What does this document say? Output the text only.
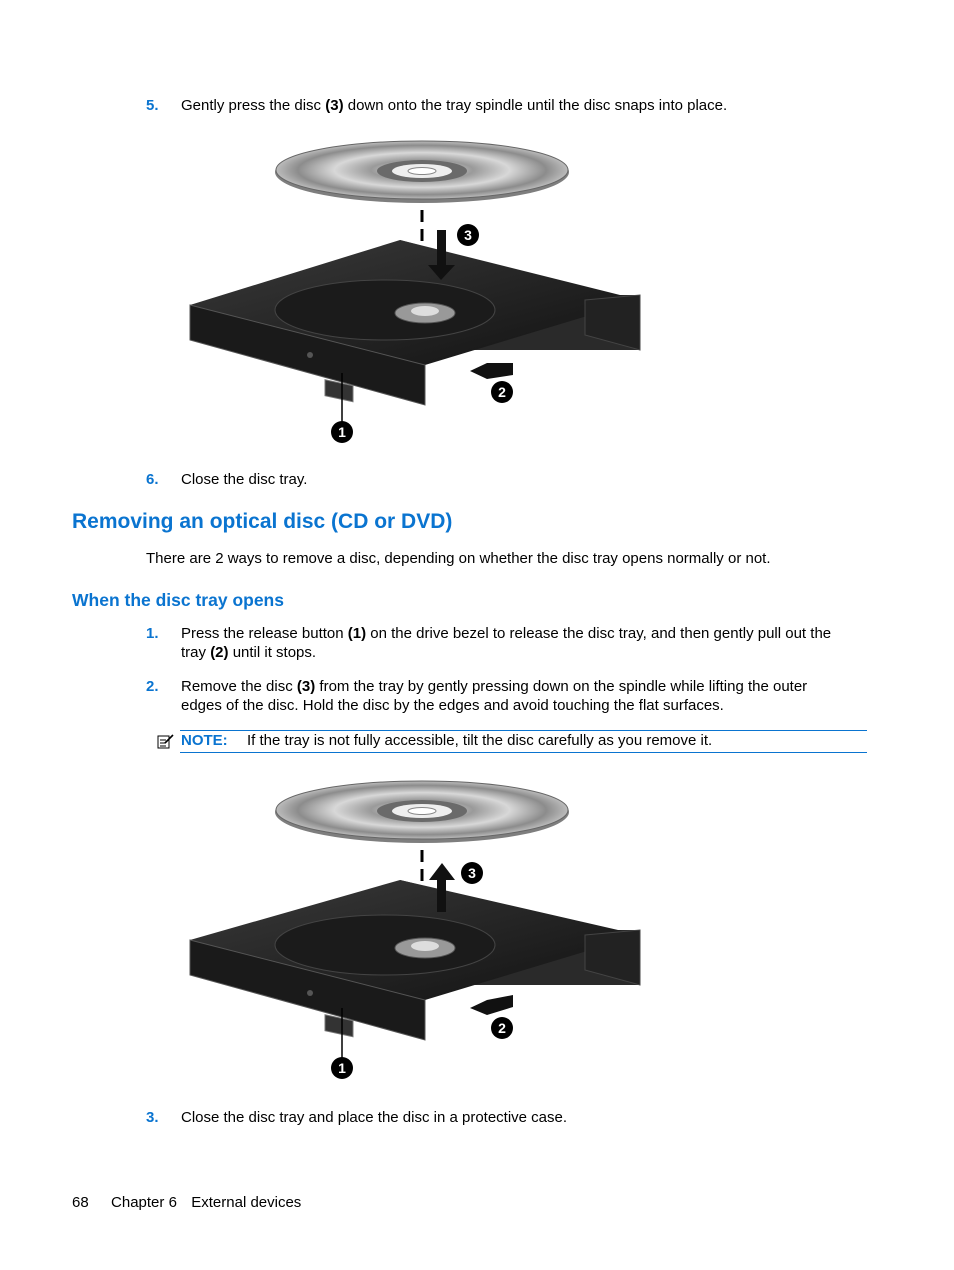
5. Gently press the disc (3) down onto the tray spindle until the disc snaps into place.
3
2
1
6. Close the disc tray.
Removing an optical disc (CD or DVD)
There are 2 ways to remove a disc, depending on whether the disc tray opens normally or not.
When the disc tray opens
1. Press the release button (1) on the drive bezel to release the disc tray, and then gently pull out the
tray (2) until it stops.
2. Remove the disc (3) from the tray by gently pressing down on the spindle while lifting the outer
edges of the disc. Hold the disc by the edges and avoid touching the flat surfaces.
NOTE: If the tray is not fully accessible, tilt the disc carefully as you remove it.
3
2
1
3. Close the disc tray and place the disc in a protective case.
68 Chapter 6 External devices
